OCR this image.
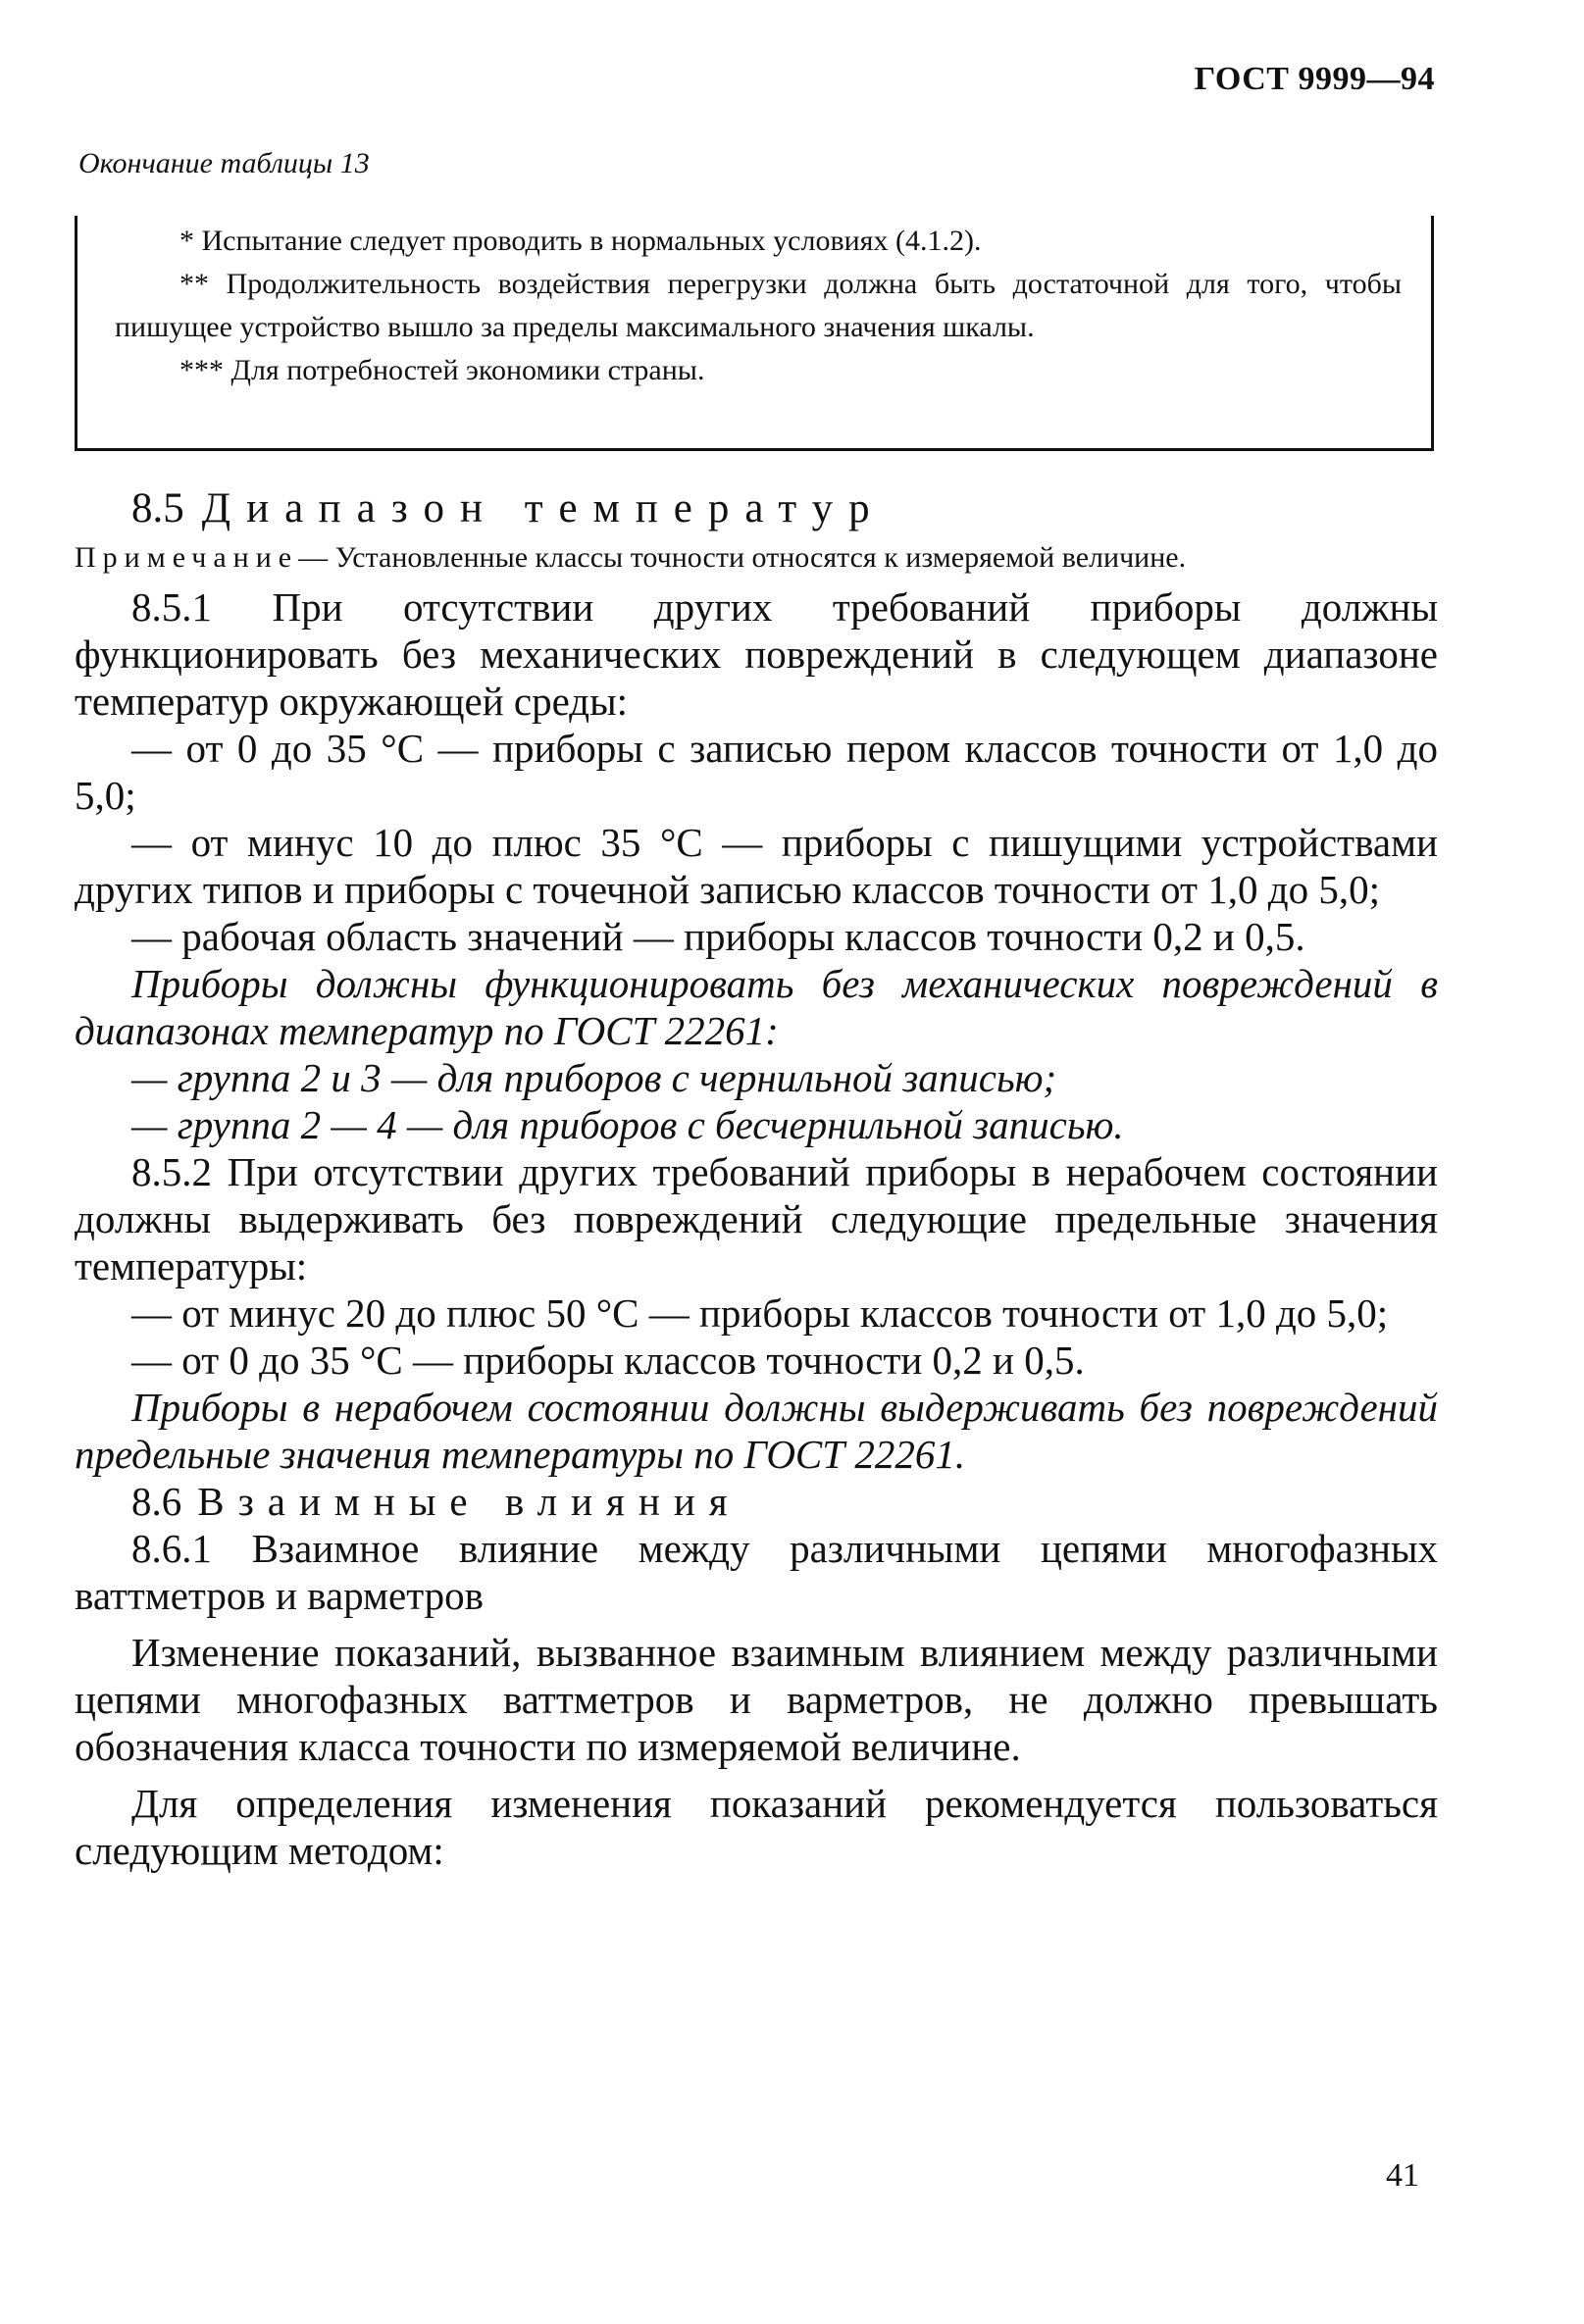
ГОСТ 9999—94
Окончание таблицы 13

* Испытание следует проводить в нормальных условиях (4.1.2).

** Продолжительность воздействия перегрузки должна быть достаточной для того, чтобы пишущее устройство вышло за пределы максимального значения шкалы.

*** Для потребностей экономики страны.

8.5 Диапазон температур

Примечание— Установленные классы точности относятся к измеряемой величине.

8.5.1 При отсутствии других требований приборы должны функционировать без механических повреждений в следующем диапазоне температур окружающей среды:

— от 0 до 35 °С — приборы с записью пером классов точности от 1,0 до 5,0;

— от минус 10 до плюс 35 °С — приборы с пишущими устройствами других типов и приборы с точечной записью классов точности от 1,0 до 5,0;

— рабочая область значений — приборы классов точности 0,2 и 0,5.

Приборы должны функционировать без механических повреждений в диапазонах температур по ГОСТ 22261:

— группа 2 и 3 — для приборов с чернильной записью;

— группа 2 — 4 — для приборов с бесчернильной записью.

8.5.2 При отсутствии других требований приборы в нерабочем состоянии должны выдерживать без повреждений следующие предельные значения температуры:

— от минус 20 до плюс 50 °С — приборы классов точности от 1,0 до 5,0;

— от 0 до 35 °С — приборы классов точности 0,2 и 0,5.

Приборы в нерабочем состоянии должны выдерживать без повреждений предельные значения температуры по ГОСТ 22261.

8.6 Взаимные влияния

8.6.1 Взаимное влияние между различными цепями многофазных ваттметров и варметров

Изменение показаний, вызванное взаимным влиянием между различными цепями многофазных ваттметров и варметров, не должно превышать обозначения класса точности по измеряемой величине.

Для определения изменения показаний рекомендуется пользоваться следующим методом:

41
